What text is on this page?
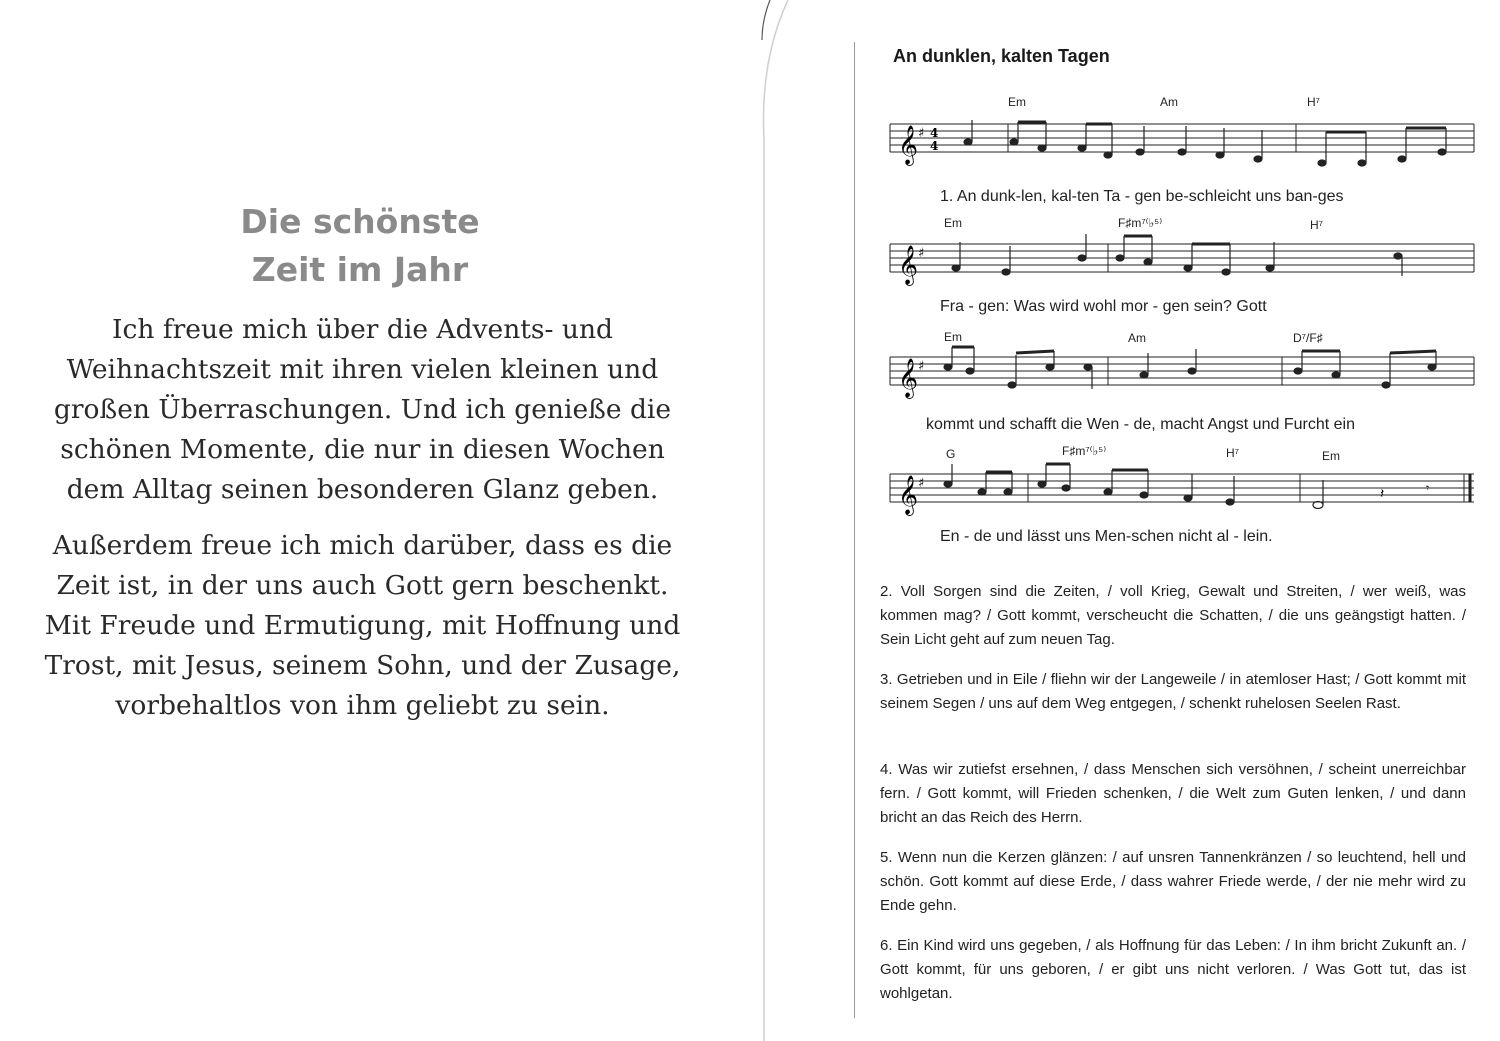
Die schönste
Zeit im Jahr
Ich freue mich über die Advents- und Weihnachtszeit mit ihren vielen kleinen und großen Überraschungen. Und ich genieße die schönen Momente, die nur in diesen Wochen dem Alltag seinen besonderen Glanz geben.
Außerdem freue ich mich darüber, dass es die Zeit ist, in der uns auch Gott gern beschenkt. Mit Freude und Ermutigung, mit Hoffnung und Trost, mit Jesus, seinem Sohn, und der Zusage, vorbehaltlos von ihm geliebt zu sein.
An dunklen, kalten Tagen
Em	Am	H⁷
𝄞 ♯ 4
4
1. An dunk-len, kal-ten Ta - gen be-schleicht uns ban-ges
Em	F♯m⁷⁽♭⁵⁾	H⁷
𝄞 ♯
Fra - gen: Was wird wohl mor - gen sein? Gott
Em	Am	D⁷/F♯
𝄞 ♯
kommt und schafft die Wen - de, macht Angst und Furcht ein
G	F♯m⁷⁽♭⁵⁾	H⁷	Em
𝄞 ♯
𝄽	𝄾
En - de und lässt uns Men-schen nicht al - lein.
2. Voll Sorgen sind die Zeiten, / voll Krieg, Gewalt und Streiten, / wer weiß, was kommen mag? / Gott kommt, verscheucht die Schatten, / die uns geängstigt hatten. / Sein Licht geht auf zum neuen Tag.
3. Getrieben und in Eile / fliehn wir der Langeweile / in atemloser Hast; / Gott kommt mit seinem Segen / uns auf dem Weg entgegen, / schenkt ruhelosen Seelen Rast.
4. Was wir zutiefst ersehnen, / dass Menschen sich versöhnen, / scheint unerreichbar fern. / Gott kommt, will Frieden schenken, / die Welt zum Guten lenken, / und dann bricht an das Reich des Herrn.
5. Wenn nun die Kerzen glänzen: / auf unsren Tannenkränzen / so leuchtend, hell und schön. Gott kommt auf diese Erde, / dass wahrer Friede werde, / der nie mehr wird zu Ende gehn.
6. Ein Kind wird uns gegeben, / als Hoffnung für das Leben: / In ihm bricht Zukunft an. / Gott kommt, für uns geboren, / er gibt uns nicht verloren. / Was Gott tut, das ist wohlgetan.
